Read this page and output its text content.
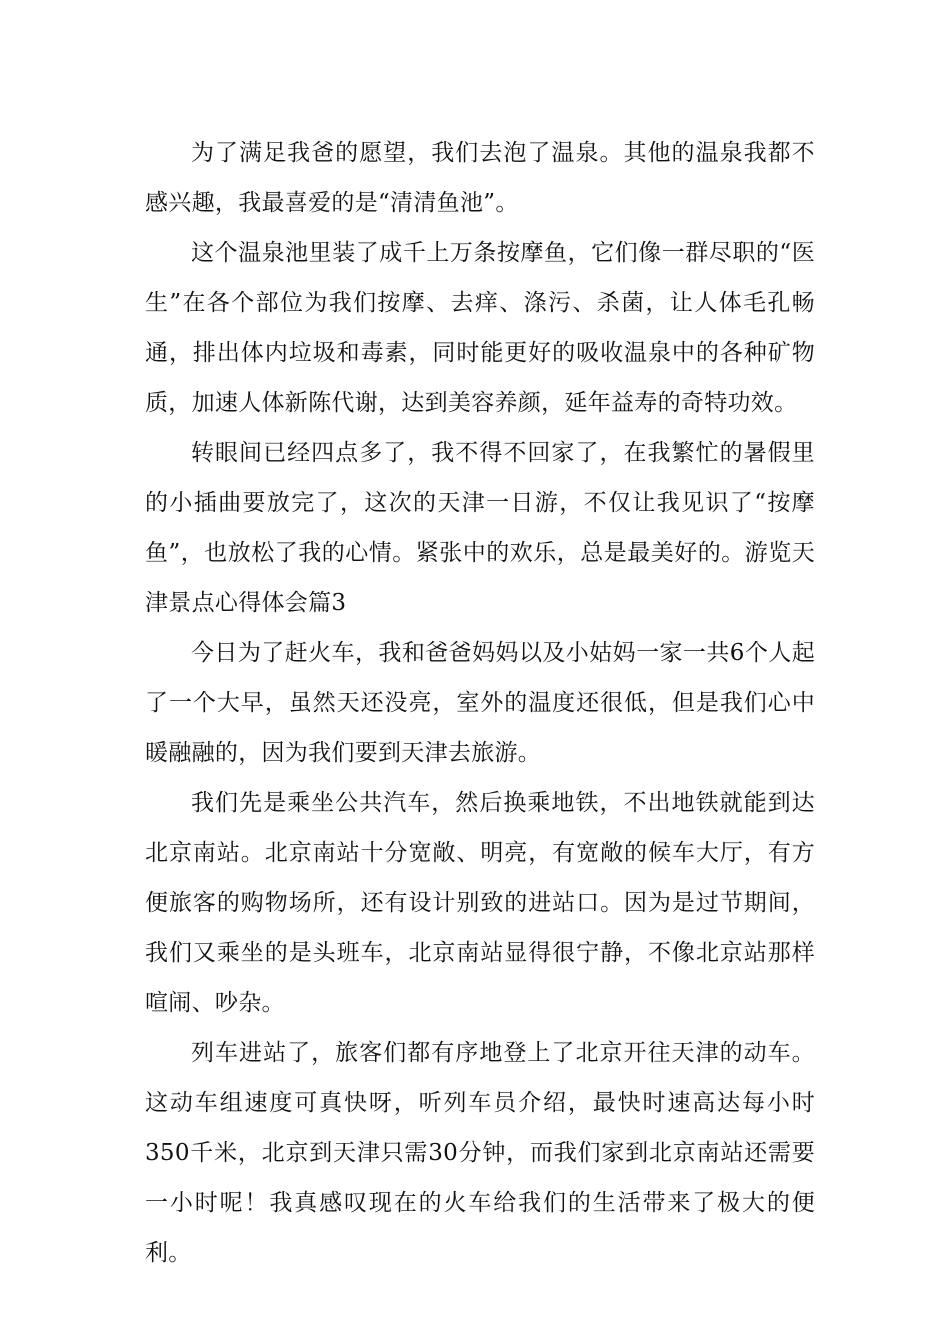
为了满足我爸的愿望，我们去泡了温泉。其他的温泉我都不感兴趣，我最喜爱的是“清清鱼池”。

这个温泉池里装了成千上万条按摩鱼，它们像一群尽职的“医生”在各个部位为我们按摩、去痒、涤污、杀菌，让人体毛孔畅通，排出体内垃圾和毒素，同时能更好的吸收温泉中的各种矿物质，加速人体新陈代谢，达到美容养颜，延年益寿的奇特功效。

转眼间已经四点多了，我不得不回家了，在我繁忙的暑假里的小插曲要放完了，这次的天津一日游，不仅让我见识了“按摩鱼”，也放松了我的心情。紧张中的欢乐，总是最美好的。游览天津景点心得体会篇3

今日为了赶火车，我和爸爸妈妈以及小姑妈一家一共6个人起了一个大早，虽然天还没亮，室外的温度还很低，但是我们心中暖融融的，因为我们要到天津去旅游。

我们先是乘坐公共汽车，然后换乘地铁，不出地铁就能到达北京南站。北京南站十分宽敞、明亮，有宽敞的候车大厅，有方便旅客的购物场所，还有设计别致的进站口。因为是过节期间，我们又乘坐的是头班车，北京南站显得很宁静，不像北京站那样喧闹、吵杂。

列车进站了，旅客们都有序地登上了北京开往天津的动车。这动车组速度可真快呀，听列车员介绍，最快时速高达每小时350千米，北京到天津只需30分钟，而我们家到北京南站还需要一小时呢！我真感叹现在的火车给我们的生活带来了极大的便利。
